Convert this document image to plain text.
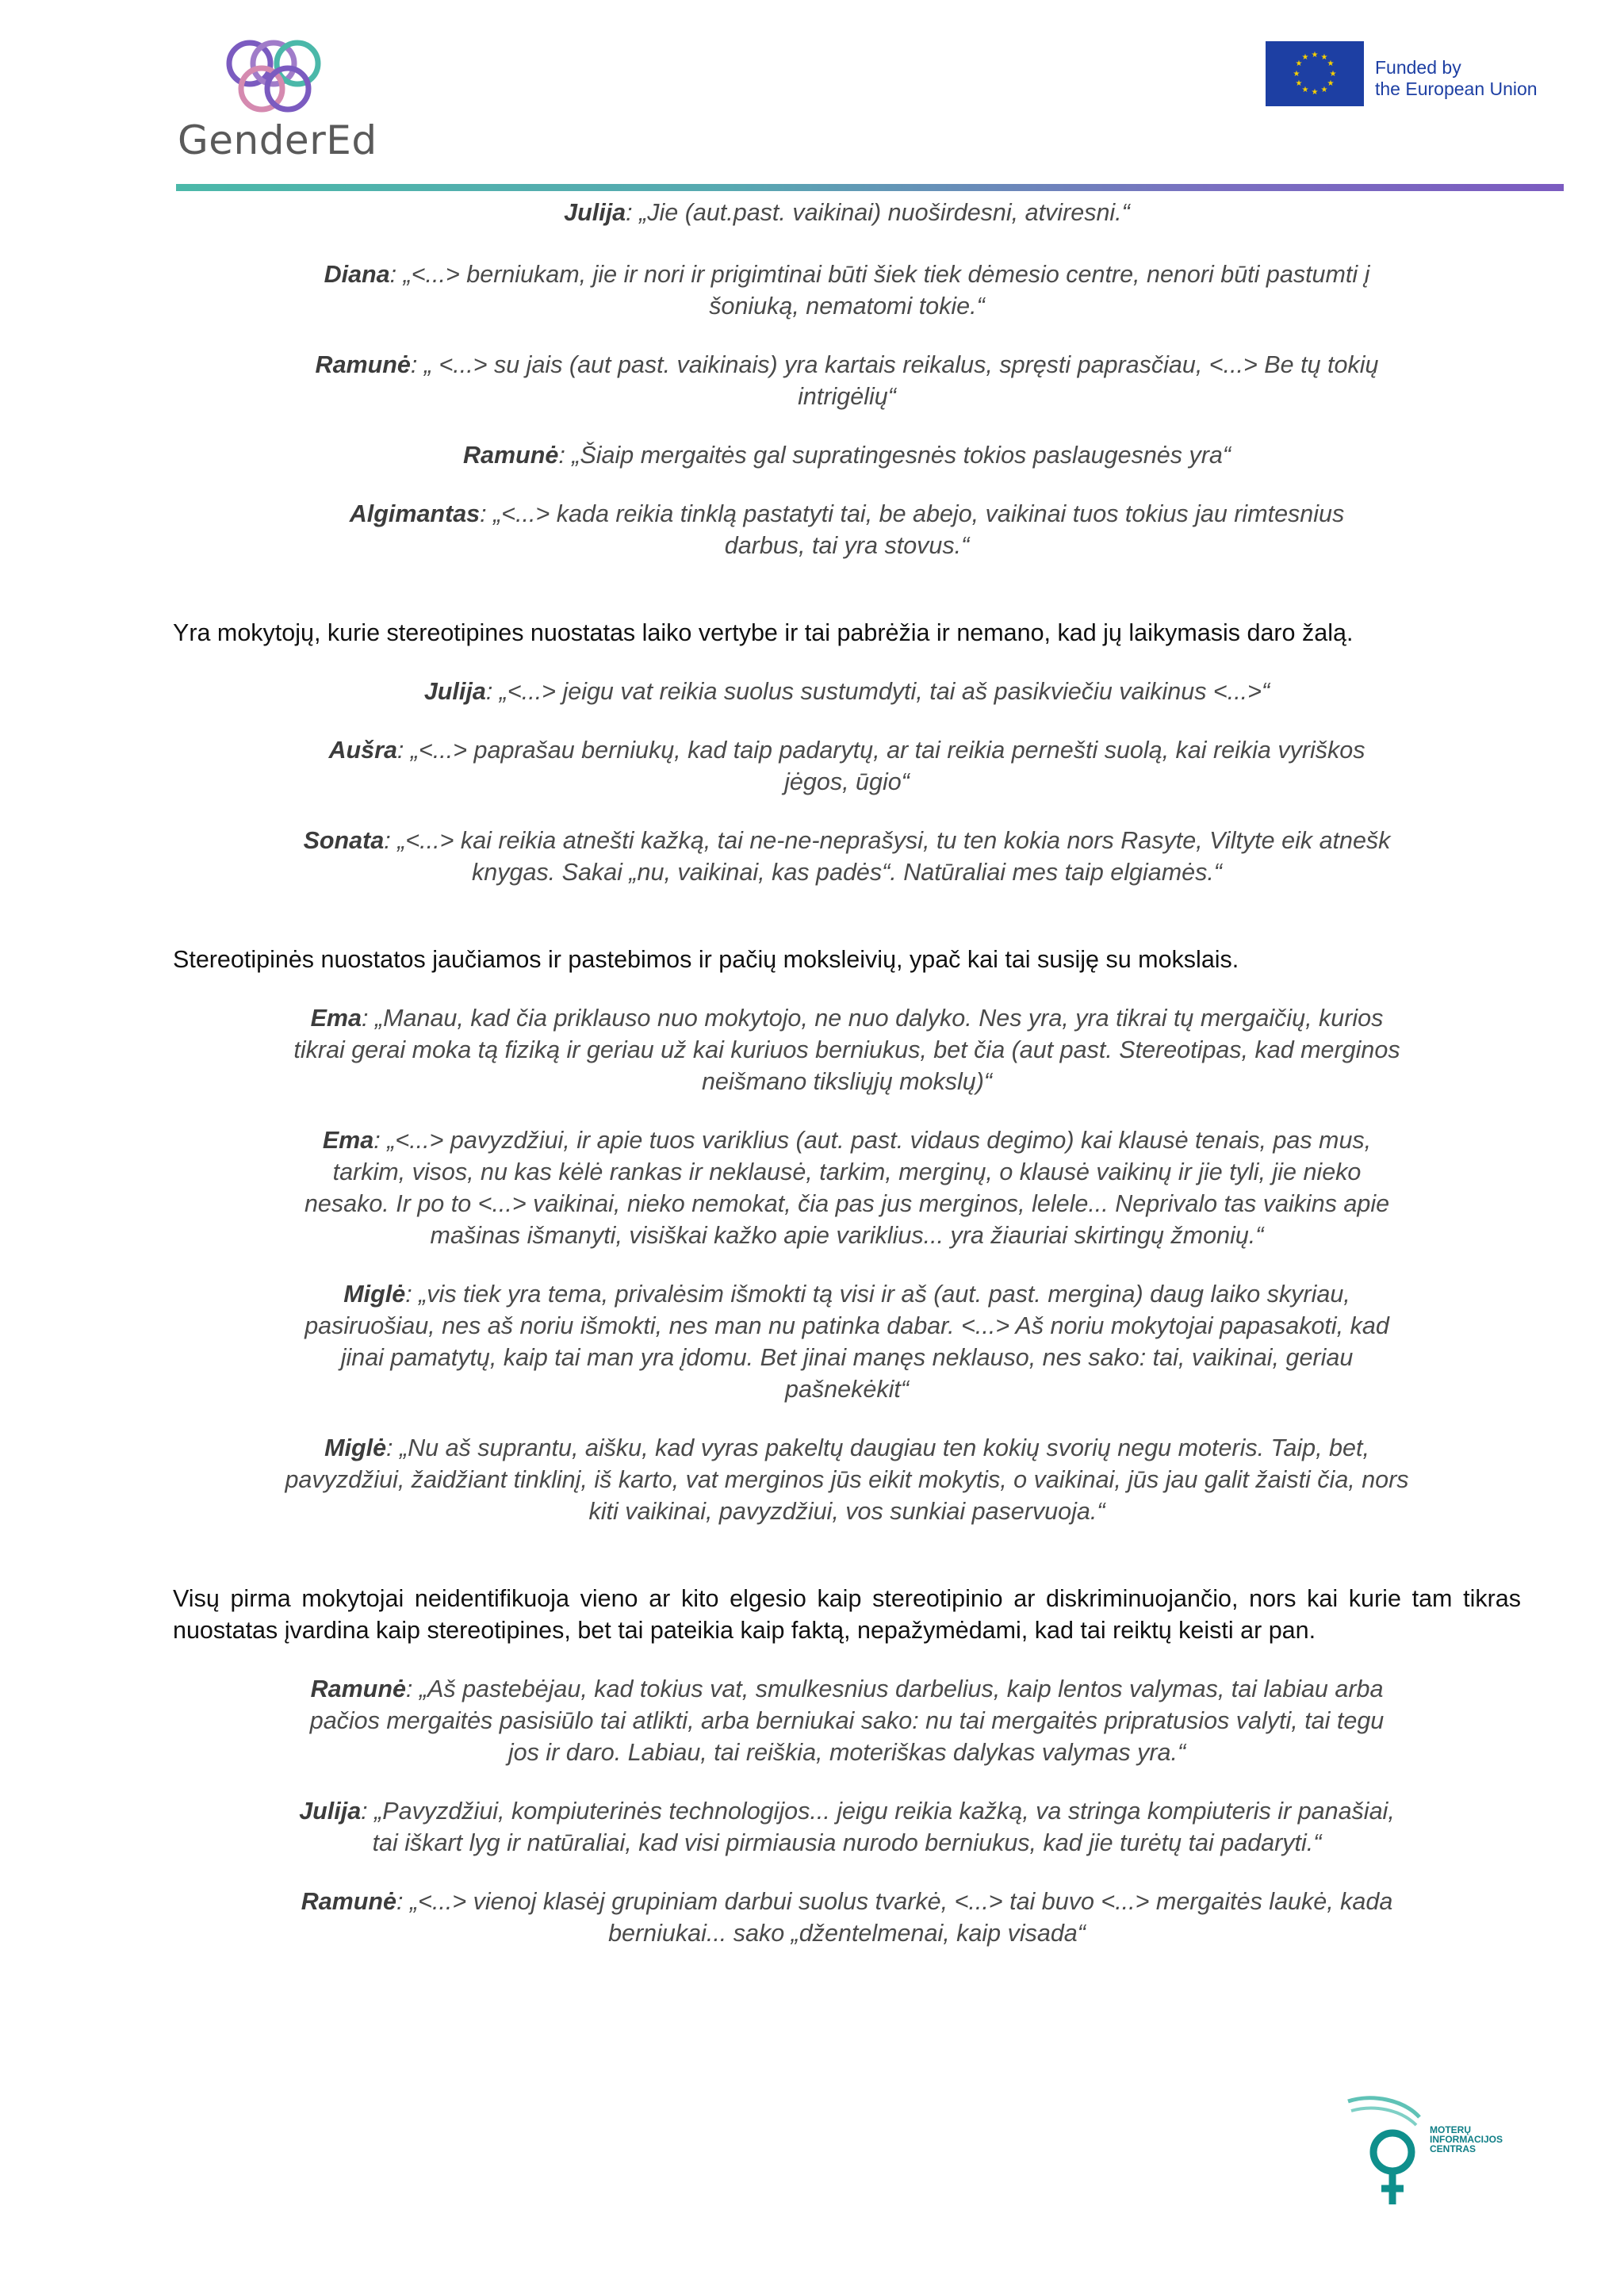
GenderEd
★ ★
★
★
★
★
★
★
★
★
★
★	Funded by
the European Union
Julija: „Jie (aut.past. vaikinai) nuoširdesni, atviresni.“
Diana: „<...> berniukam, jie ir nori ir prigimtinai būti šiek tiek dėmesio centre, nenori būti pastumti į šoniuką, nematomi tokie.“
Ramunė: „ <...> su jais (aut past. vaikinais) yra kartais reikalus, spręsti paprasčiau, <...> Be tų tokių intrigėlių“
Ramunė: „Šiaip mergaitės gal supratingesnės tokios paslaugesnės yra“
Algimantas: „<...> kada reikia tinklą pastatyti tai, be abejo, vaikinai tuos tokius jau rimtesnius darbus, tai yra stovus.“

Yra mokytojų, kurie stereotipines nuostatas laiko vertybe ir tai pabrėžia ir nemano, kad jų laikymasis daro žalą.

Julija: „<...> jeigu vat reikia suolus sustumdyti, tai aš pasikviečiu vaikinus <...>“
Aušra: „<...> paprašau berniukų, kad taip padarytų, ar tai reikia pernešti suolą, kai reikia vyriškos jėgos, ūgio“
Sonata: „<...> kai reikia atnešti kažką, tai ne-ne-neprašysi, tu ten kokia nors Rasyte, Viltyte eik atnešk knygas. Sakai „nu, vaikinai, kas padės“. Natūraliai mes taip elgiamės.“

Stereotipinės nuostatos jaučiamos ir pastebimos ir pačių moksleivių, ypač kai tai susiję su mokslais.

Ema: „Manau, kad čia priklauso nuo mokytojo, ne nuo dalyko. Nes yra, yra tikrai tų mergaičių, kurios tikrai gerai moka tą fiziką ir geriau už kai kuriuos berniukus, bet čia (aut past. Stereotipas, kad merginos neišmano tiksliųjų mokslų)“
Ema: „<...> pavyzdžiui, ir apie tuos variklius (aut. past. vidaus degimo) kai klausė tenais, pas mus, tarkim, visos, nu kas kėlė rankas ir neklausė, tarkim, merginų, o klausė vaikinų ir jie tyli, jie nieko nesako. Ir po to <...> vaikinai, nieko nemokat, čia pas jus merginos, lelele... Neprivalo tas vaikins apie mašinas išmanyti, visiškai kažko apie variklius... yra žiauriai skirtingų žmonių.“
Miglė: „vis tiek yra tema, privalėsim išmokti tą visi ir aš (aut. past. mergina) daug laiko skyriau, pasiruošiau, nes aš noriu išmokti, nes man nu patinka dabar. <...> Aš noriu mokytojai papasakoti, kad jinai pamatytų, kaip tai man yra įdomu. Bet jinai manęs neklauso, nes sako: tai, vaikinai, geriau pašnekėkit“
Miglė: „Nu aš suprantu, aišku, kad vyras pakeltų daugiau ten kokių svorių negu moteris. Taip, bet, pavyzdžiui, žaidžiant tinklinį, iš karto, vat merginos jūs eikit mokytis, o vaikinai, jūs jau galit žaisti čia, nors kiti vaikinai, pavyzdžiui, vos sunkiai paservuoja.“

Visų pirma mokytojai neidentifikuoja vieno ar kito elgesio kaip stereotipinio ar diskriminuojančio, nors kai kurie tam tikras nuostatas įvardina kaip stereotipines, bet tai pateikia kaip faktą, nepažymėdami, kad tai reiktų keisti ar pan.

Ramunė: „Aš pastebėjau, kad tokius vat, smulkesnius darbelius, kaip lentos valymas, tai labiau arba pačios mergaitės pasisiūlo tai atlikti, arba berniukai sako: nu tai mergaitės pripratusios valyti, tai tegu jos ir daro. Labiau, tai reiškia, moteriškas dalykas valymas yra.“
Julija: „Pavyzdžiui, kompiuterinės technologijos... jeigu reikia kažką, va stringa kompiuteris ir panašiai, tai iškart lyg ir natūraliai, kad visi pirmiausia nurodo berniukus, kad jie turėtų tai padaryti.“
Ramunė: „<...> vienoj klasėj grupiniam darbui suolus tvarkė, <...> tai buvo <...> mergaitės laukė, kada berniukai... sako „džentelmenai, kaip visada“
MOTERŲ
INFORMACIJOS
CENTRAS
